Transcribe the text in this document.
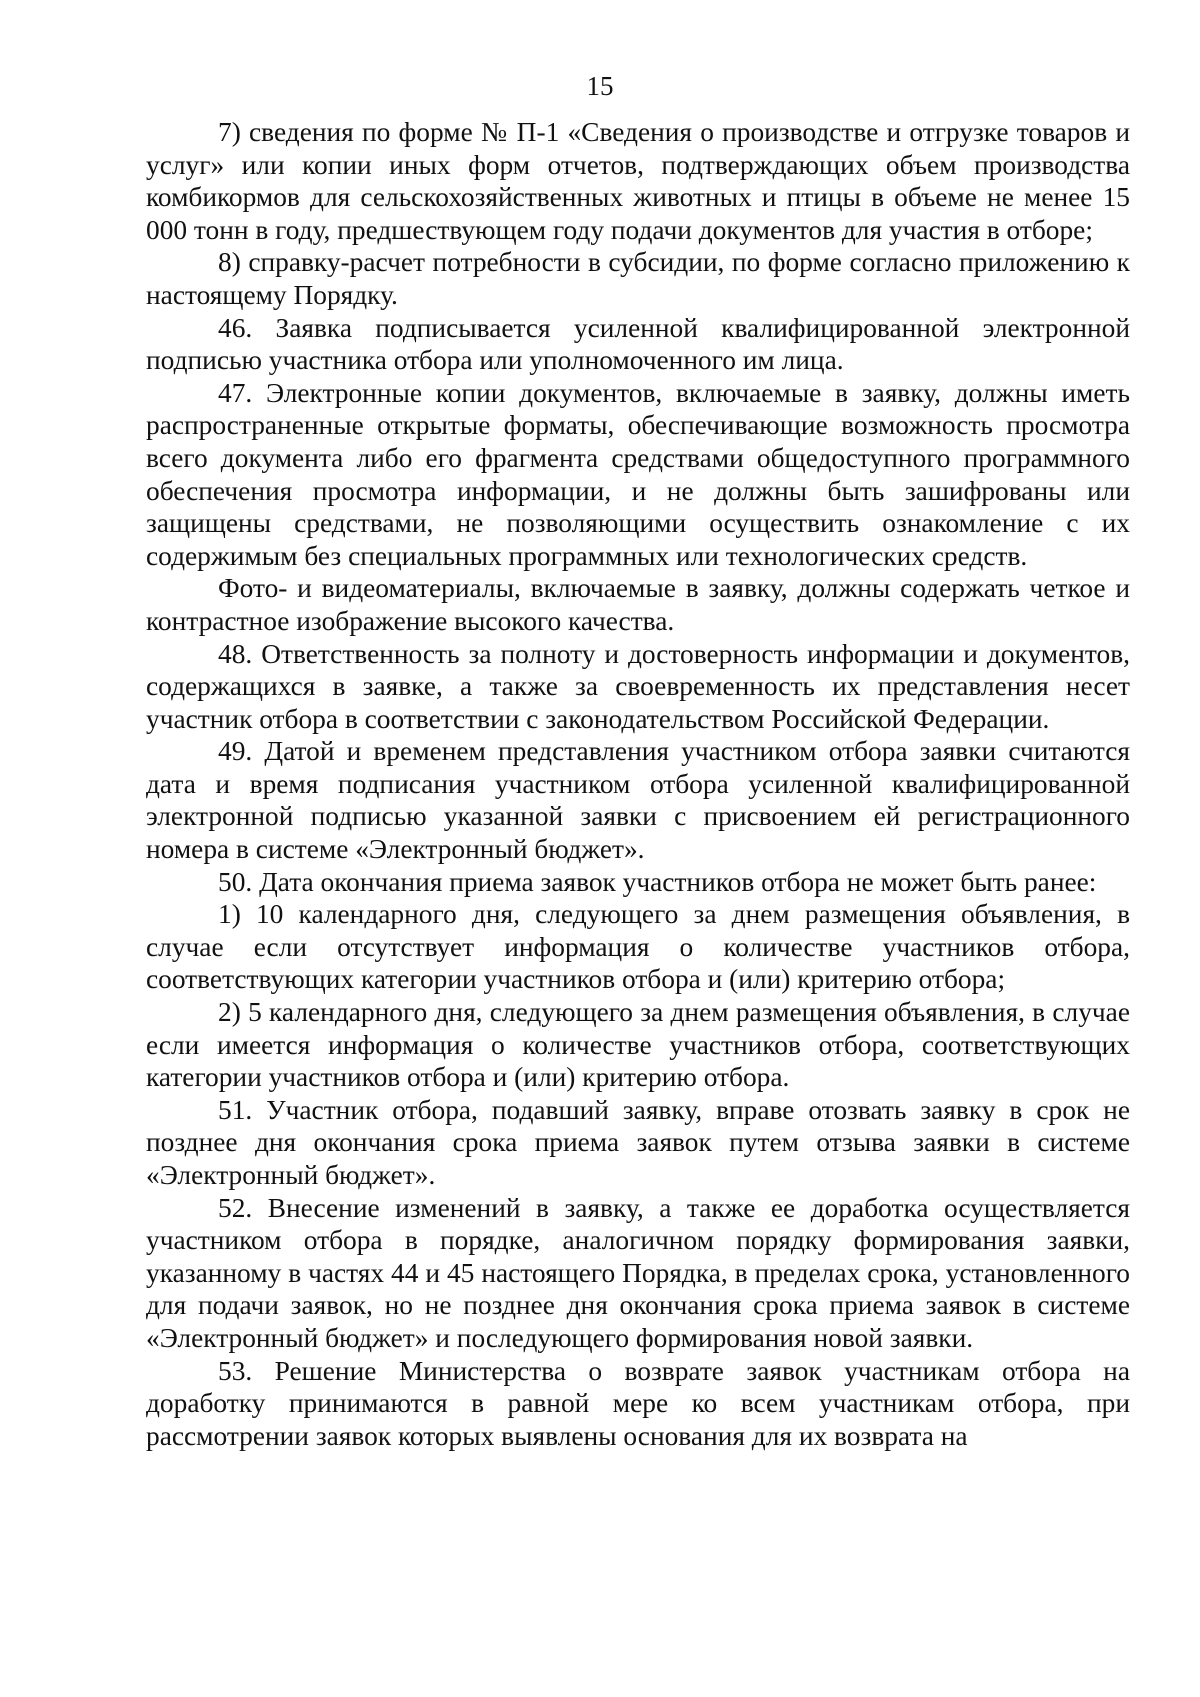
15

7) сведения по форме № П-1 «Сведения о производстве и отгрузке товаров и услуг» или копии иных форм отчетов, подтверждающих объем производства комбикормов для сельскохозяйственных животных и птицы в объеме не менее 15 000 тонн в году, предшествующем году подачи документов для участия в отборе;

8) справку-расчет потребности в субсидии, по форме согласно приложению к настоящему Порядку.

46. Заявка подписывается усиленной квалифицированной электронной подписью участника отбора или уполномоченного им лица.

47. Электронные копии документов, включаемые в заявку, должны иметь распространенные открытые форматы, обеспечивающие возможность просмотра всего документа либо его фрагмента средствами общедоступного программного обеспечения просмотра информации, и не должны быть зашифрованы или защищены средствами, не позволяющими осуществить ознакомление с их содержимым без специальных программных или технологических средств.

Фото- и видеоматериалы, включаемые в заявку, должны содержать четкое и контрастное изображение высокого качества.

48. Ответственность за полноту и достоверность информации и документов, содержащихся в заявке, а также за своевременность их представления несет участник отбора в соответствии с законодательством Российской Федерации.

49. Датой и временем представления участником отбора заявки считаются дата и время подписания участником отбора усиленной квалифицированной электронной подписью указанной заявки с присвоением ей регистрационного номера в системе «Электронный бюджет».

50. Дата окончания приема заявок участников отбора не может быть ранее:

1) 10 календарного дня, следующего за днем размещения объявления, в случае если отсутствует информация о количестве участников отбора, соответствующих категории участников отбора и (или) критерию отбора;

2) 5 календарного дня, следующего за днем размещения объявления, в случае если имеется информация о количестве участников отбора, соответствующих категории участников отбора и (или) критерию отбора.

51. Участник отбора, подавший заявку, вправе отозвать заявку в срок не позднее дня окончания срока приема заявок путем отзыва заявки в системе «Электронный бюджет».

52. Внесение изменений в заявку, а также ее доработка осуществляется участником отбора в порядке, аналогичном порядку формирования заявки, указанному в частях 44 и 45 настоящего Порядка, в пределах срока, установленного для подачи заявок, но не позднее дня окончания срока приема заявок в системе «Электронный бюджет» и последующего формирования новой заявки.

53. Решение Министерства о возврате заявок участникам отбора на доработку принимаются в равной мере ко всем участникам отбора, при рассмотрении заявок которых выявлены основания для их возврата на
